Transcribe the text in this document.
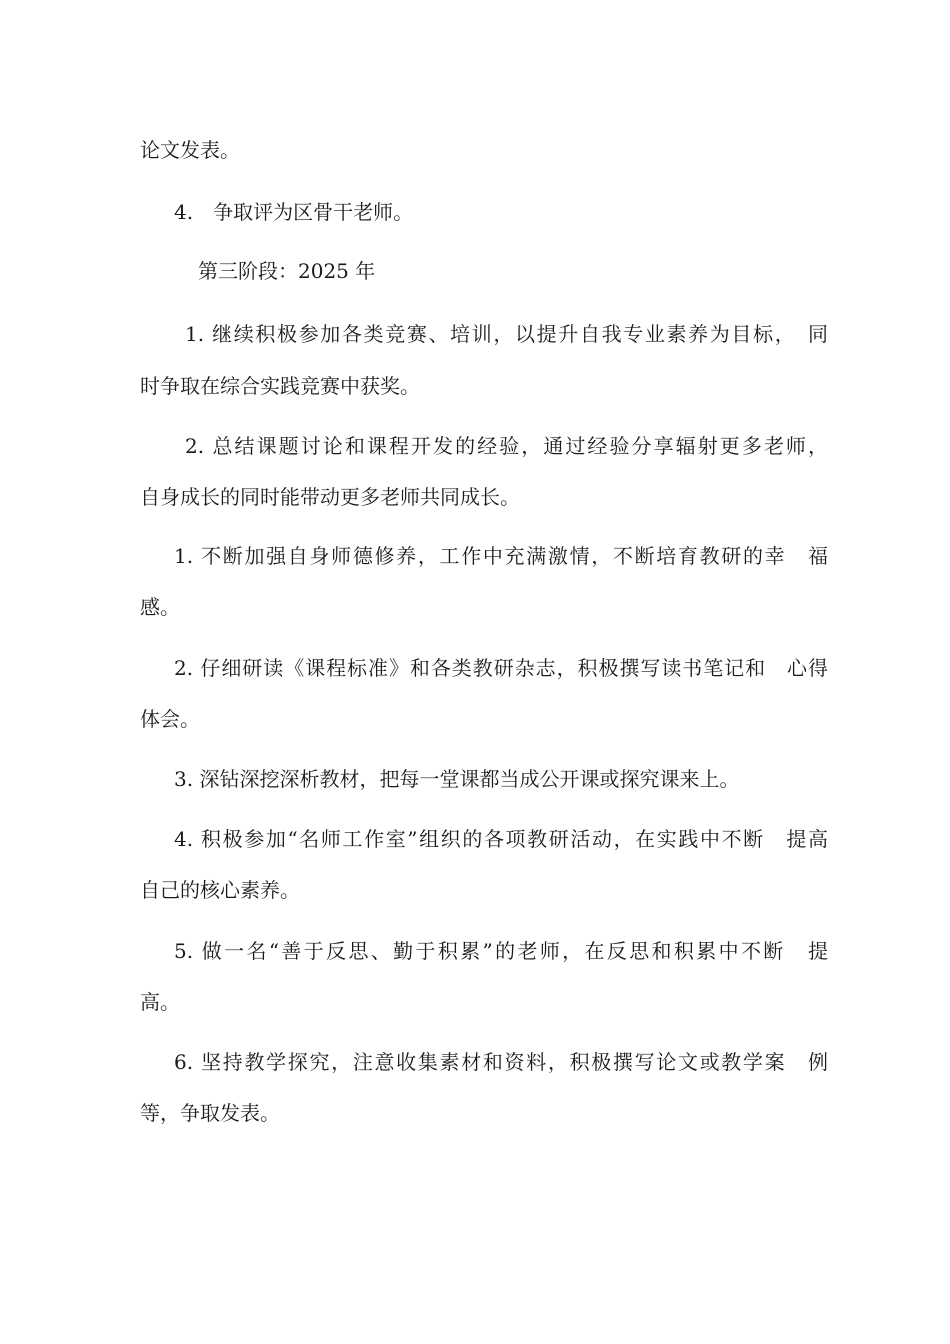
论文发表。
4.　争取评为区骨干老师。
第三阶段：2025 年
1. 继续积极参加各类竞赛、培训，以提升自我专业素养为目标，　同
时争取在综合实践竞赛中获奖。
2. 总结课题讨论和课程开发的经验，通过经验分享辐射更多老师，
自身成长的同时能带动更多老师共同成长。
1. 不断加强自身师德修养，工作中充满激情，不断培育教研的幸　福
感。
2. 仔细研读《课程标准》和各类教研杂志，积极撰写读书笔记和　心得
体会。
3. 深钻深挖深析教材，把每一堂课都当成公开课或探究课来上。
4. 积极参加“名师工作室”组织的各项教研活动，在实践中不断　提高
自己的核心素养。
5. 做一名“善于反思、勤于积累”的老师，在反思和积累中不断　提
高。
6. 坚持教学探究，注意收集素材和资料，积极撰写论文或教学案　例
等，争取发表。
